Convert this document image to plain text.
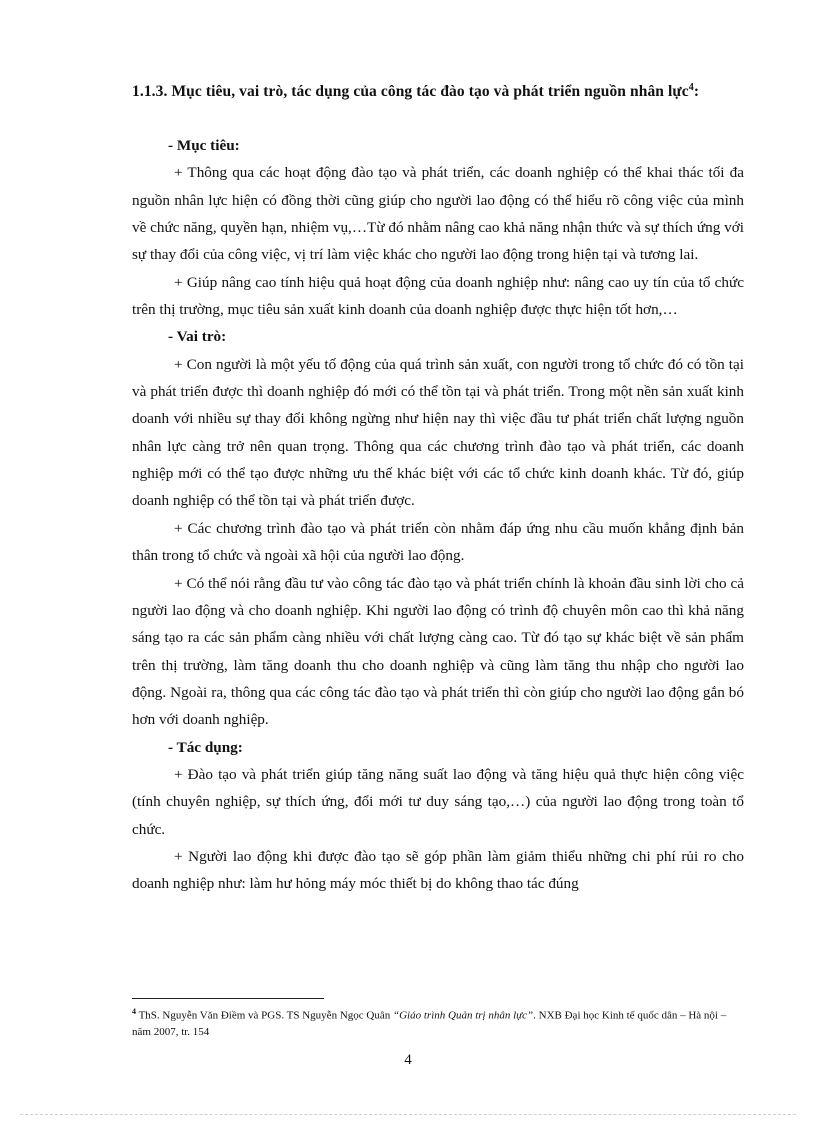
1.1.3. Mục tiêu, vai trò, tác dụng của công tác đào tạo và phát triển nguồn nhân lực$^4$:

- Mục tiêu:

+ Thông qua các hoạt động đào tạo và phát triển, các doanh nghiệp có thể khai thác tối đa nguồn nhân lực hiện có đồng thời cũng giúp cho người lao động có thể hiểu rõ công việc của mình về chức năng, quyền hạn, nhiệm vụ,…Từ đó nhằm nâng cao khả năng nhận thức và sự thích ứng với sự thay đổi của công việc, vị trí làm việc khác cho người lao động trong hiện tại và tương lai.

+ Giúp nâng cao tính hiệu quả hoạt động của doanh nghiệp như: nâng cao uy tín của tổ chức trên thị trường, mục tiêu sản xuất kinh doanh của doanh nghiệp được thực hiện tốt hơn,…

- Vai trò:

+ Con người là một yếu tố động của quá trình sản xuất, con người trong tổ chức đó có tồn tại và phát triển được thì doanh nghiệp đó mới có thể tồn tại và phát triển. Trong một nền sản xuất kinh doanh với nhiều sự thay đổi không ngừng như hiện nay thì việc đầu tư phát triển chất lượng nguồn nhân lực càng trở nên quan trọng. Thông qua các chương trình đào tạo và phát triển, các doanh nghiệp mới có thể tạo được những ưu thế khác biệt với các tổ chức kinh doanh khác. Từ đó, giúp doanh nghiệp có thể tồn tại và phát triển được.

+ Các chương trình đào tạo và phát triển còn nhằm đáp ứng nhu cầu muốn khẳng định bản thân trong tổ chức và ngoài xã hội của người lao động.

+ Có thể nói rằng đầu tư vào công tác đào tạo và phát triển chính là khoản đầu sinh lời cho cả người lao động và cho doanh nghiệp. Khi người lao động có trình độ chuyên môn cao thì khả năng sáng tạo ra các sản phẩm càng nhiều với chất lượng càng cao. Từ đó tạo sự khác biệt về sản phẩm trên thị trường, làm tăng doanh thu cho doanh nghiệp và cũng làm tăng thu nhập cho người lao động. Ngoài ra, thông qua các công tác đào tạo và phát triển thì còn giúp cho người lao động gắn bó hơn với doanh nghiệp.

- Tác dụng:

+ Đào tạo và phát triển giúp tăng năng suất lao động và tăng hiệu quả thực hiện công việc (tính chuyên nghiệp, sự thích ứng, đổi mới tư duy sáng tạo,…) của người lao động trong toàn tổ chức.

+ Người lao động khi được đào tạo sẽ góp phần làm giảm thiểu những chi phí rủi ro cho doanh nghiệp như: làm hư hỏng máy móc thiết bị do không thao tác đúng

$^4$ ThS. Nguyễn Văn Điềm và PGS. TS Nguyễn Ngọc Quân “Giáo trình Quản trị nhân lực”. NXB Đại học Kinh tế quốc dân – Hà nội – năm 2007, tr. 154
4
